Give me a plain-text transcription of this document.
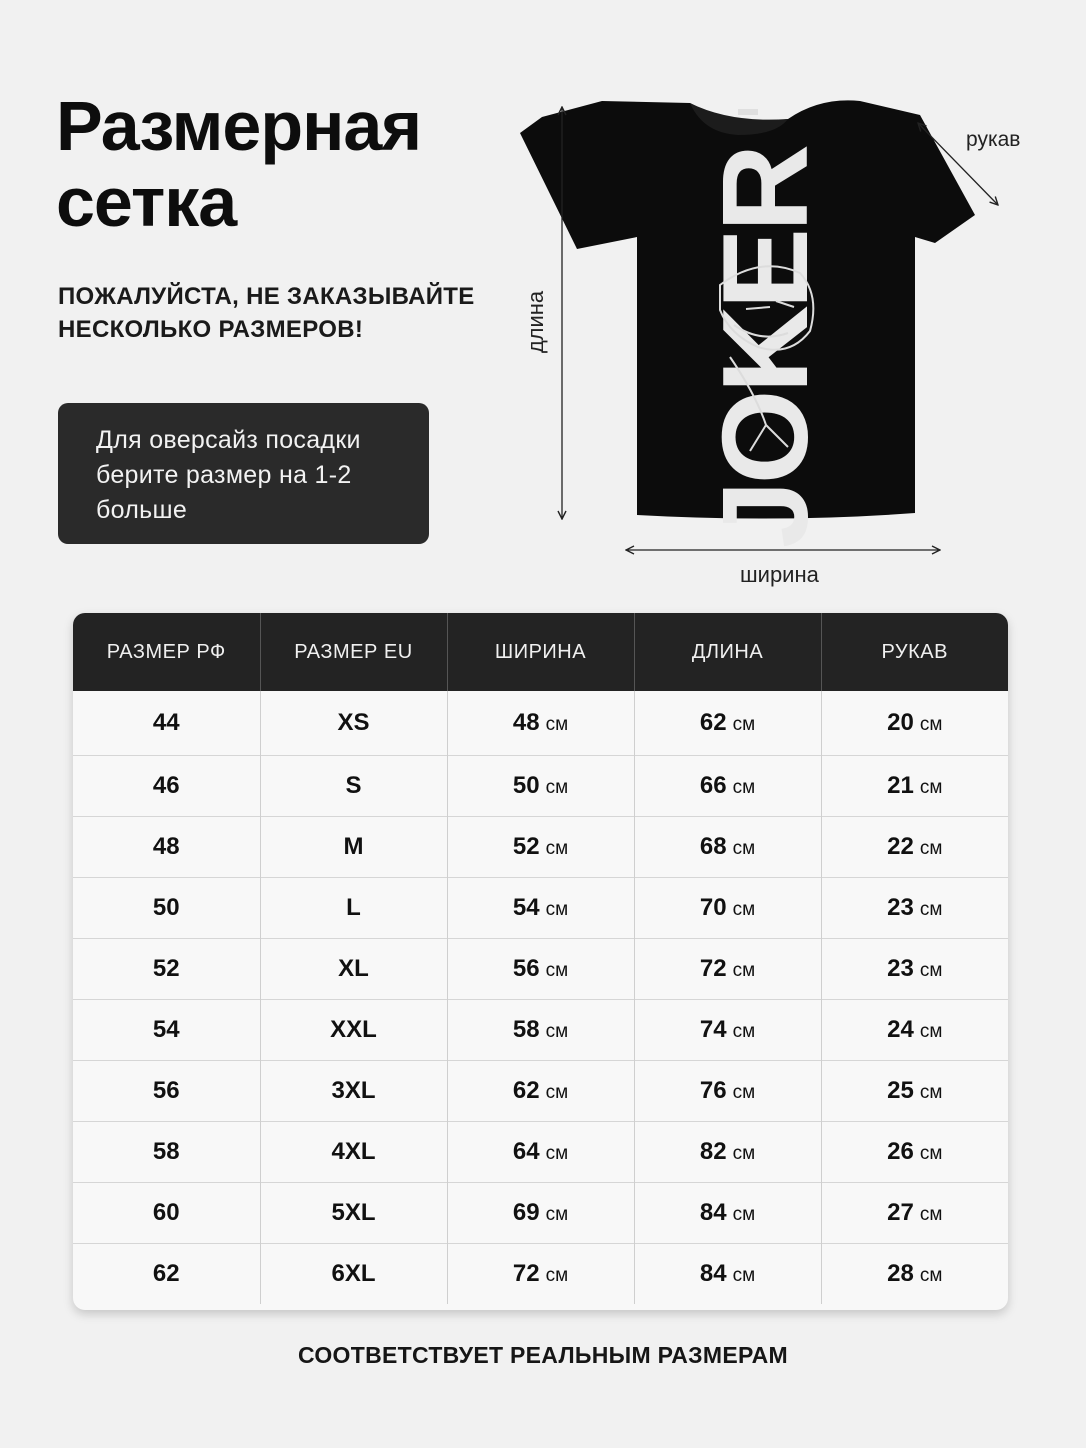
Размерная
сетка
ПОЖАЛУЙСТА, НЕ ЗАКАЗЫВАЙТЕ
НЕСКОЛЬКО РАЗМЕРОВ!
Для оверсайз посадки
берите размер на 1-2
больше	JOKER
рукав
ширина
длина
РАЗМЕР РФ	РАЗМЕР EU	ШИРИНА	ДЛИНА	РУКАВ
44	XS	48 см	62 см	20 см
46	S	50 см	66 см	21 см
48	M	52 см	68 см	22 см
50	L	54 см	70 см	23 см
52	XL	56 см	72 см	23 см
54	XXL	58 см	74 см	24 см
56	3XL	62 см	76 см	25 см
58	4XL	64 см	82 см	26 см
60	5XL	69 см	84 см	27 см
62	6XL	72 см	84 см	28 см
СООТВЕТСТВУЕТ РЕАЛЬНЫМ РАЗМЕРАМ
